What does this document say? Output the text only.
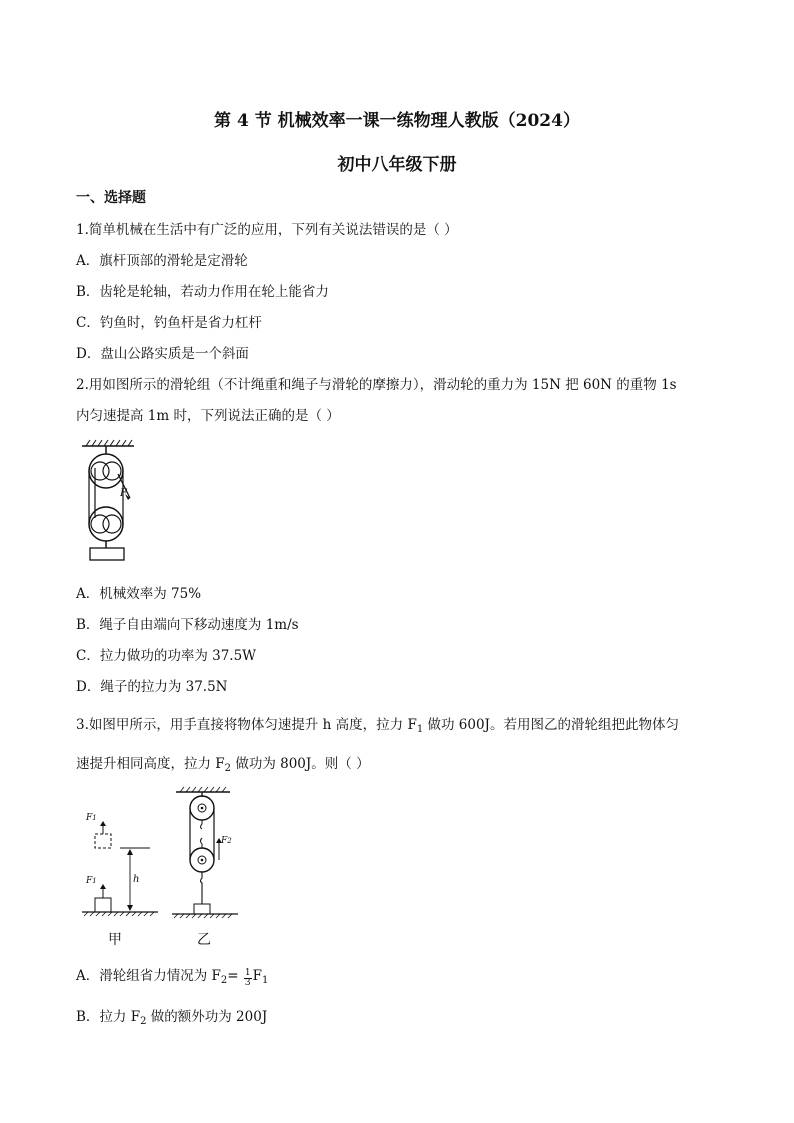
第 4 节 机械效率一课一练物理人教版（2024）
初中八年级下册
一、选择题
1.简单机械在生活中有广泛的应用，下列有关说法错误的是（ ）
A．旗杆顶部的滑轮是定滑轮
B．齿轮是轮轴，若动力作用在轮上能省力
C．钓鱼时，钓鱼杆是省力杠杆
D．盘山公路实质是一个斜面
2.用如图所示的滑轮组（不计绳重和绳子与滑轮的摩擦力），滑动轮的重力为 15N 把 60N 的重物 1s
内匀速提高 1m 时，下列说法正确的是（ ）
F
A．机械效率为 75%
B．绳子自由端向下移动速度为 1m/s
C．拉力做功的功率为 37.5W
D．绳子的拉力为 37.5N
3.如图甲所示，用手直接将物体匀速提升 h 高度，拉力 $F_1$ 做功 600J。若用图乙的滑轮组把此物体匀
速提升相同高度，拉力 $F_2$ 做功为 800J。则（ ）
F1
F1	h
F2
甲	乙
A．滑轮组省力情况为 $F_2= \frac{1}{3} F_1$
B．拉力 $F_2$ 做的额外功为 200J
